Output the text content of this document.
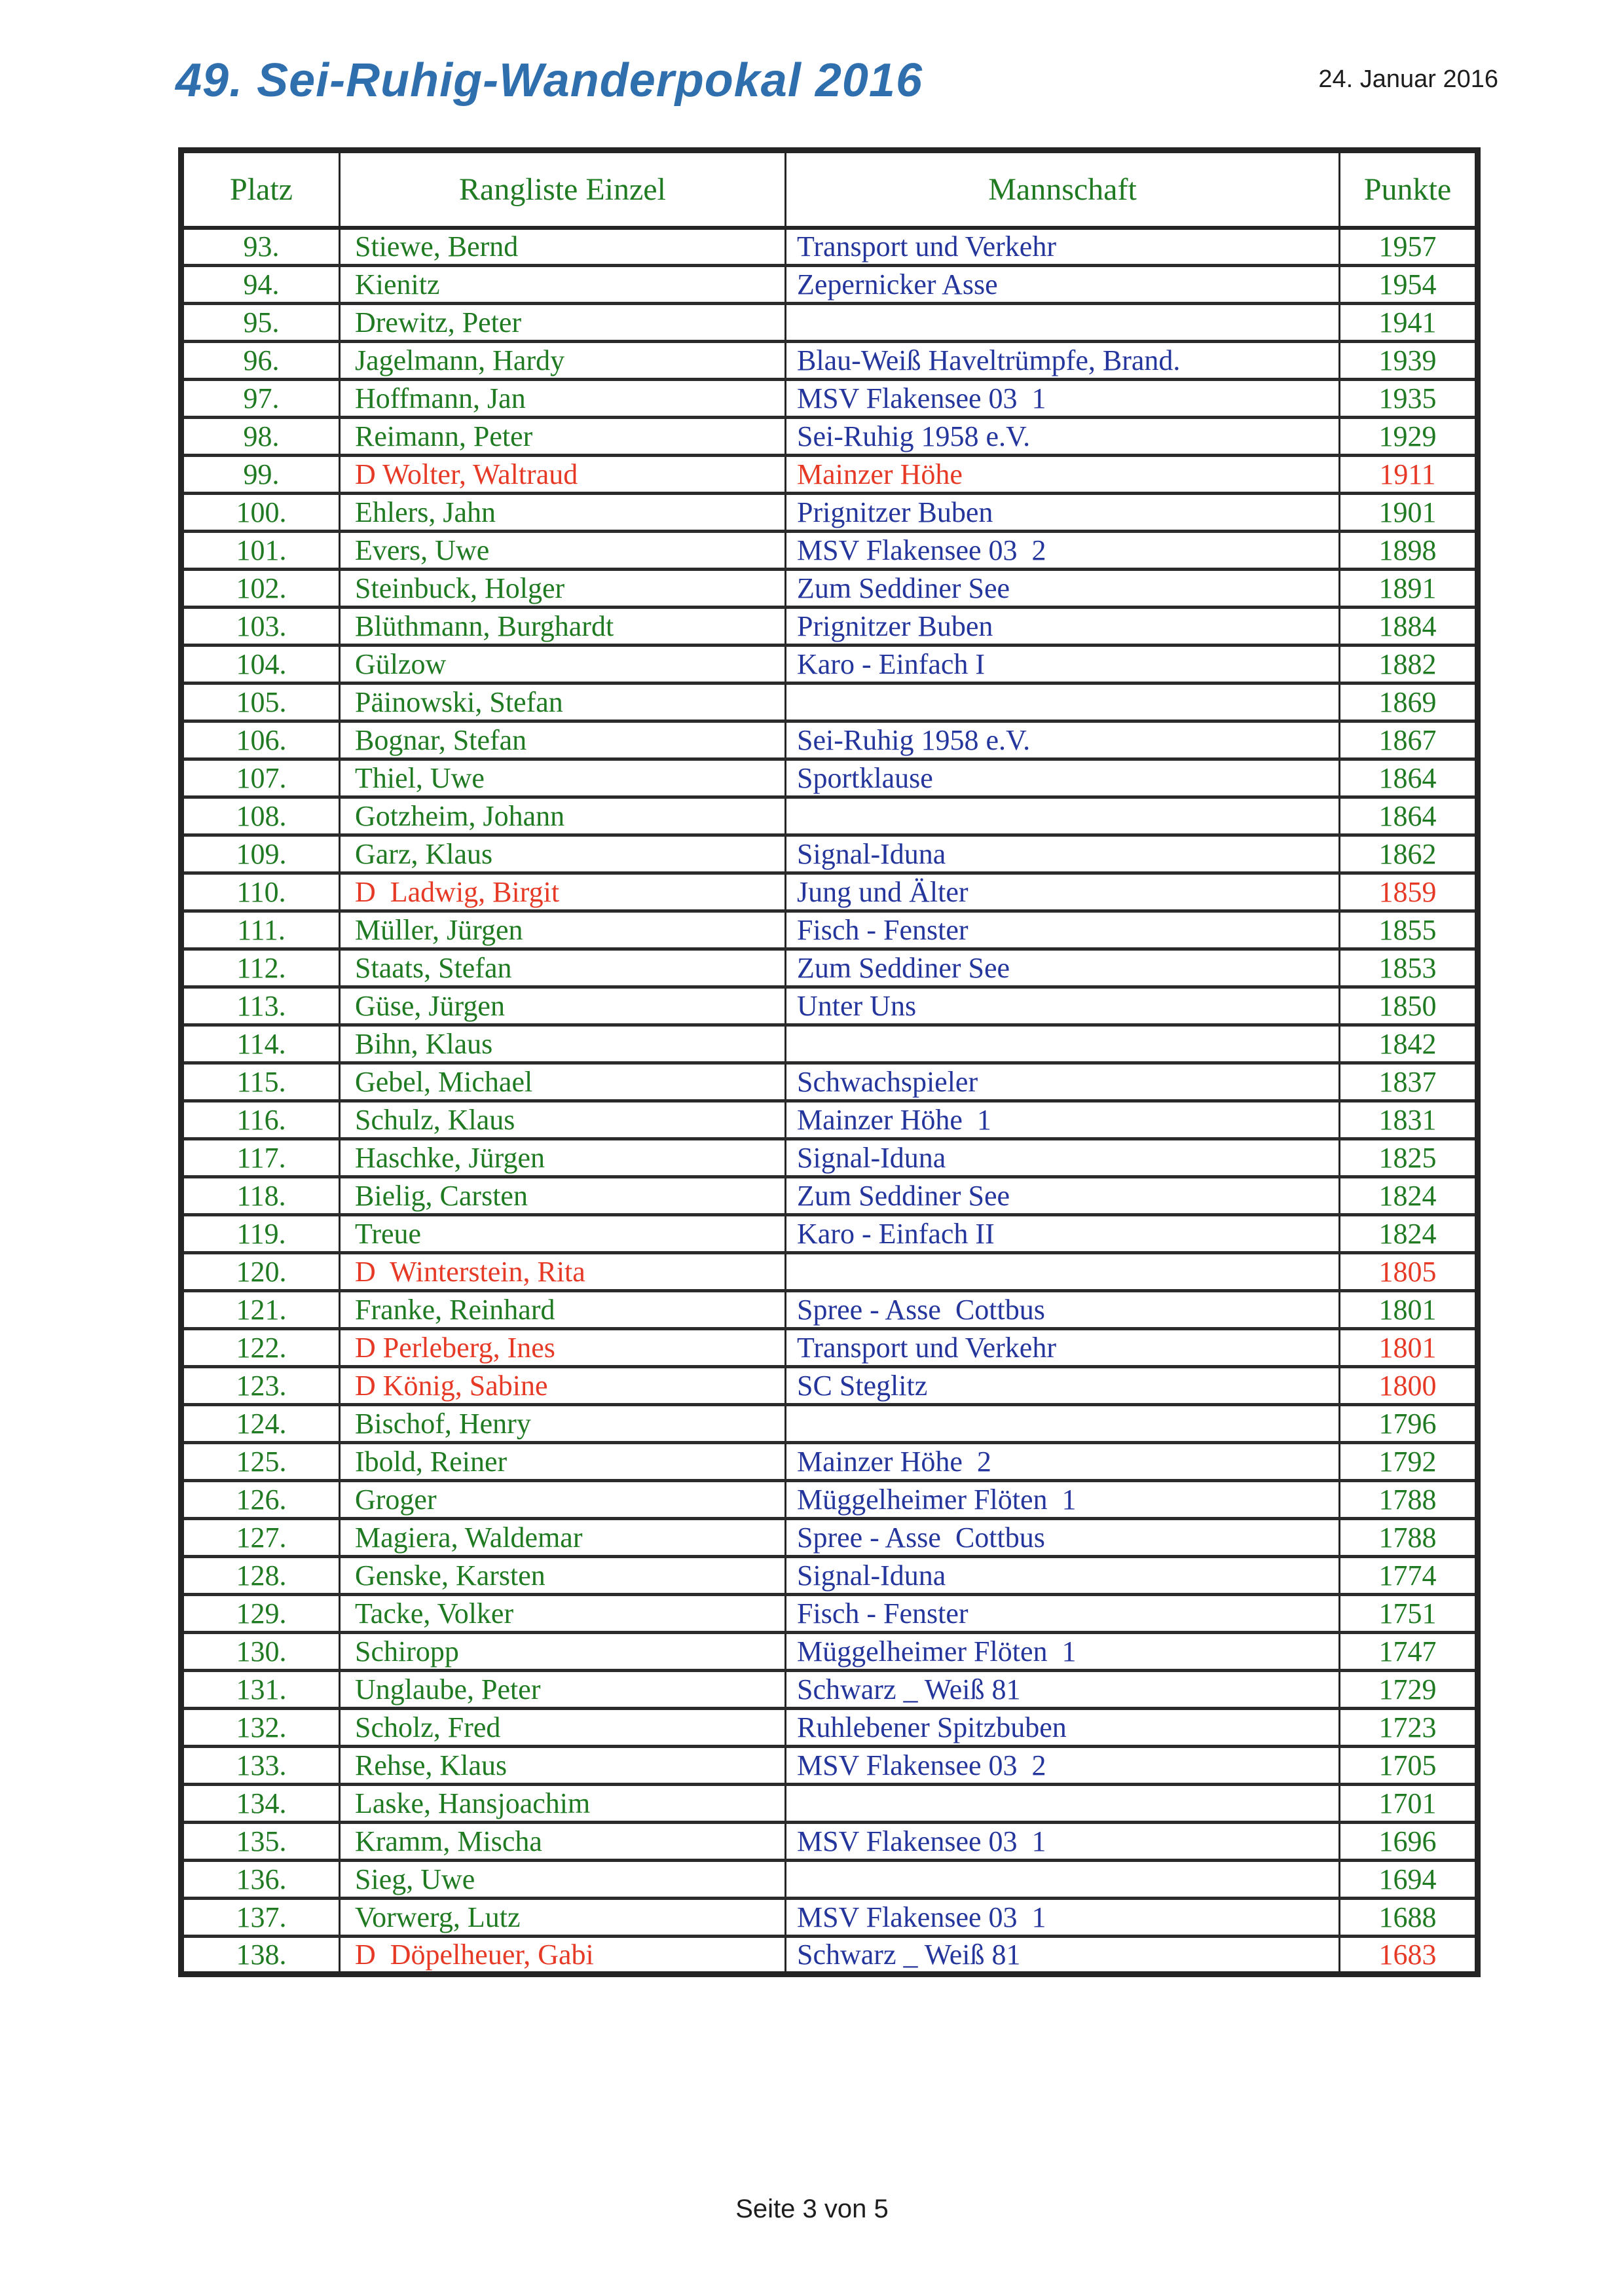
49. Sei-Ruhig-Wanderpokal 2016	24. Januar 2016
Platz	Rangliste Einzel	Mannschaft	Punkte
93.	Stiewe, Bernd	Transport und Verkehr	1957
94.	Kienitz	Zepernicker Asse	1954
95.	Drewitz, Peter		1941
96.	Jagelmann, Hardy	Blau-Weiß Haveltrümpfe, Brand.	1939
97.	Hoffmann, Jan	MSV Flakensee 03  1	1935
98.	Reimann, Peter	Sei-Ruhig 1958 e.V.	1929
99.	D Wolter, Waltraud	Mainzer Höhe	1911
100.	Ehlers, Jahn	Prignitzer Buben	1901
101.	Evers, Uwe	MSV Flakensee 03  2	1898
102.	Steinbuck, Holger	Zum Seddiner See	1891
103.	Blüthmann, Burghardt	Prignitzer Buben	1884
104.	Gülzow	Karo - Einfach I	1882
105.	Päinowski, Stefan		1869
106.	Bognar, Stefan	Sei-Ruhig 1958 e.V.	1867
107.	Thiel, Uwe	Sportklause	1864
108.	Gotzheim, Johann		1864
109.	Garz, Klaus	Signal-Iduna	1862
110.	D  Ladwig, Birgit	Jung und Älter	1859
111.	Müller, Jürgen	Fisch - Fenster	1855
112.	Staats, Stefan	Zum Seddiner See	1853
113.	Güse, Jürgen	Unter Uns	1850
114.	Bihn, Klaus		1842
115.	Gebel, Michael	Schwachspieler	1837
116.	Schulz, Klaus	Mainzer Höhe  1	1831
117.	Haschke, Jürgen	Signal-Iduna	1825
118.	Bielig, Carsten	Zum Seddiner See	1824
119.	Treue	Karo - Einfach II	1824
120.	D  Winterstein, Rita		1805
121.	Franke, Reinhard	Spree - Asse  Cottbus	1801
122.	D Perleberg, Ines	Transport und Verkehr	1801
123.	D König, Sabine	SC Steglitz	1800
124.	Bischof, Henry		1796
125.	Ibold, Reiner	Mainzer Höhe  2	1792
126.	Groger	Müggelheimer Flöten  1	1788
127.	Magiera, Waldemar	Spree - Asse  Cottbus	1788
128.	Genske, Karsten	Signal-Iduna	1774
129.	Tacke, Volker	Fisch - Fenster	1751
130.	Schiropp	Müggelheimer Flöten  1	1747
131.	Unglaube, Peter	Schwarz _ Weiß 81	1729
132.	Scholz, Fred	Ruhlebener Spitzbuben	1723
133.	Rehse, Klaus	MSV Flakensee 03  2	1705
134.	Laske, Hansjoachim		1701
135.	Kramm, Mischa	MSV Flakensee 03  1	1696
136.	Sieg, Uwe		1694
137.	Vorwerg, Lutz	MSV Flakensee 03  1	1688
138.	D  Döpelheuer, Gabi	Schwarz _ Weiß 81	1683
Seite 3 von 5
